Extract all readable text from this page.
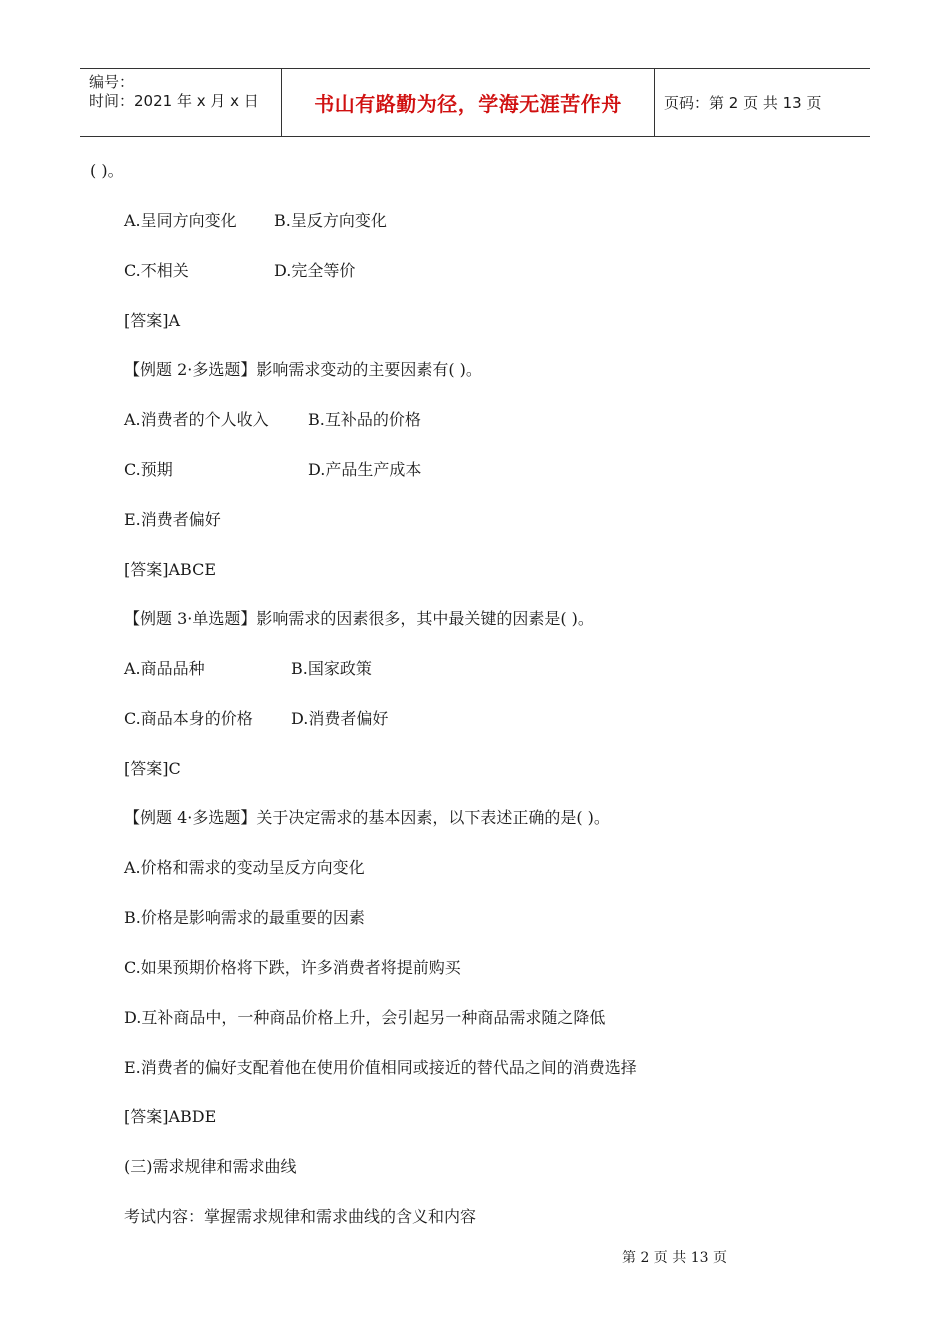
编号：
时间：2021 年 x 月 x 日	书山有路勤为径，学海无涯苦作舟	页码：第 2 页 共 13 页
( )。
A.呈同方向变化 B.呈反方向变化
C.不相关	D.完全等价
[答案]A
【例题 2·多选题】影响需求变动的主要因素有( )。
A.消费者的个人收入 B.互补品的价格
C.预期	D.产品生产成本
E.消费者偏好
[答案]ABCE
【例题 3·单选题】影响需求的因素很多，其中最关键的因素是( )。
A.商品品种	B.国家政策
C.商品本身的价格 D.消费者偏好
[答案]C
【例题 4·多选题】关于决定需求的基本因素，以下表述正确的是( )。
A.价格和需求的变动呈反方向变化
B.价格是影响需求的最重要的因素
C.如果预期价格将下跌，许多消费者将提前购买
D.互补商品中，一种商品价格上升，会引起另一种商品需求随之降低
E.消费者的偏好支配着他在使用价值相同或接近的替代品之间的消费选择
[答案]ABDE
(三)需求规律和需求曲线
考试内容：掌握需求规律和需求曲线的含义和内容
第 2 页 共 13 页
